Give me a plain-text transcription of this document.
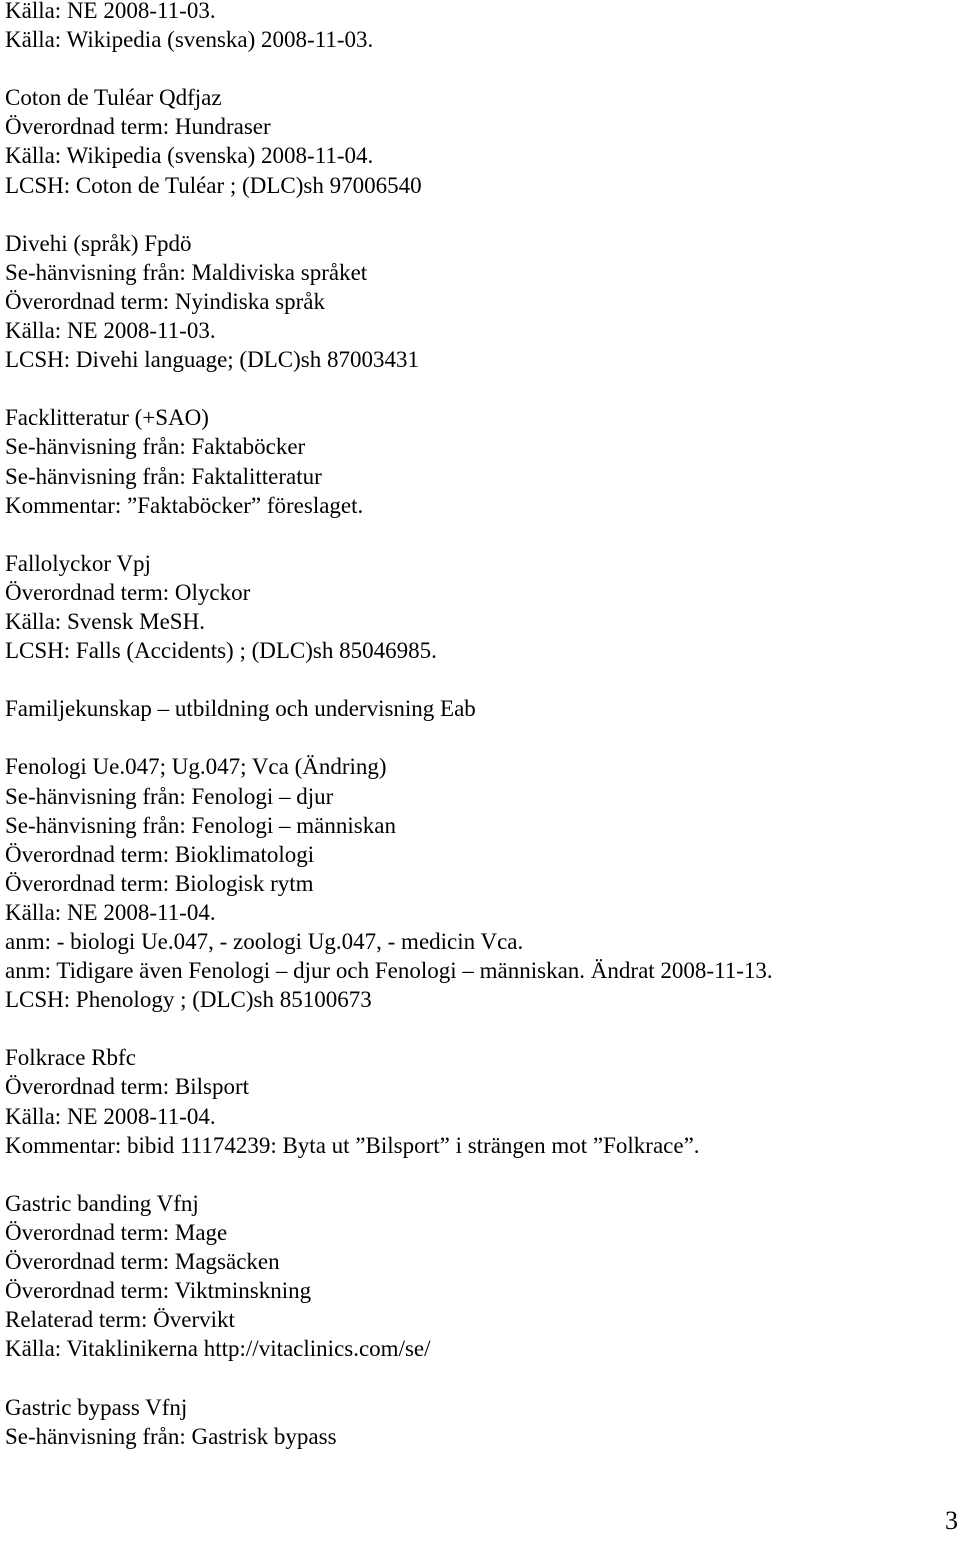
Källa: NE 2008-11-03.
Källa: Wikipedia (svenska) 2008-11-03.
Coton de Tuléar Qdfjaz
Överordnad term: Hundraser
Källa: Wikipedia (svenska) 2008-11-04.
LCSH: Coton de Tuléar ; (DLC)sh 97006540
Divehi (språk) Fpdö
Se-hänvisning från: Maldiviska språket
Överordnad term: Nyindiska språk
Källa: NE 2008-11-03.
LCSH: Divehi language; (DLC)sh 87003431
Facklitteratur (+SAO)
Se-hänvisning från: Faktaböcker
Se-hänvisning från: Faktalitteratur
Kommentar: ”Faktaböcker” föreslaget.
Fallolyckor Vpj
Överordnad term: Olyckor
Källa: Svensk MeSH.
LCSH: Falls (Accidents) ; (DLC)sh 85046985.
Familjekunskap – utbildning och undervisning Eab
Fenologi Ue.047; Ug.047; Vca (Ändring)
Se-hänvisning från: Fenologi – djur
Se-hänvisning från: Fenologi – människan
Överordnad term: Bioklimatologi
Överordnad term: Biologisk rytm
Källa: NE 2008-11-04.
anm: - biologi Ue.047, - zoologi Ug.047, - medicin Vca.
anm: Tidigare även Fenologi – djur och Fenologi – människan. Ändrat 2008-11-13.
LCSH: Phenology ; (DLC)sh 85100673
Folkrace Rbfc
Överordnad term: Bilsport
Källa: NE 2008-11-04.
Kommentar: bibid 11174239: Byta ut ”Bilsport” i strängen mot ”Folkrace”.
Gastric banding Vfnj
Överordnad term: Mage
Överordnad term: Magsäcken
Överordnad term: Viktminskning
Relaterad term: Övervikt
Källa: Vitaklinikerna http://vitaclinics.com/se/
Gastric bypass Vfnj
Se-hänvisning från: Gastrisk bypass
3
